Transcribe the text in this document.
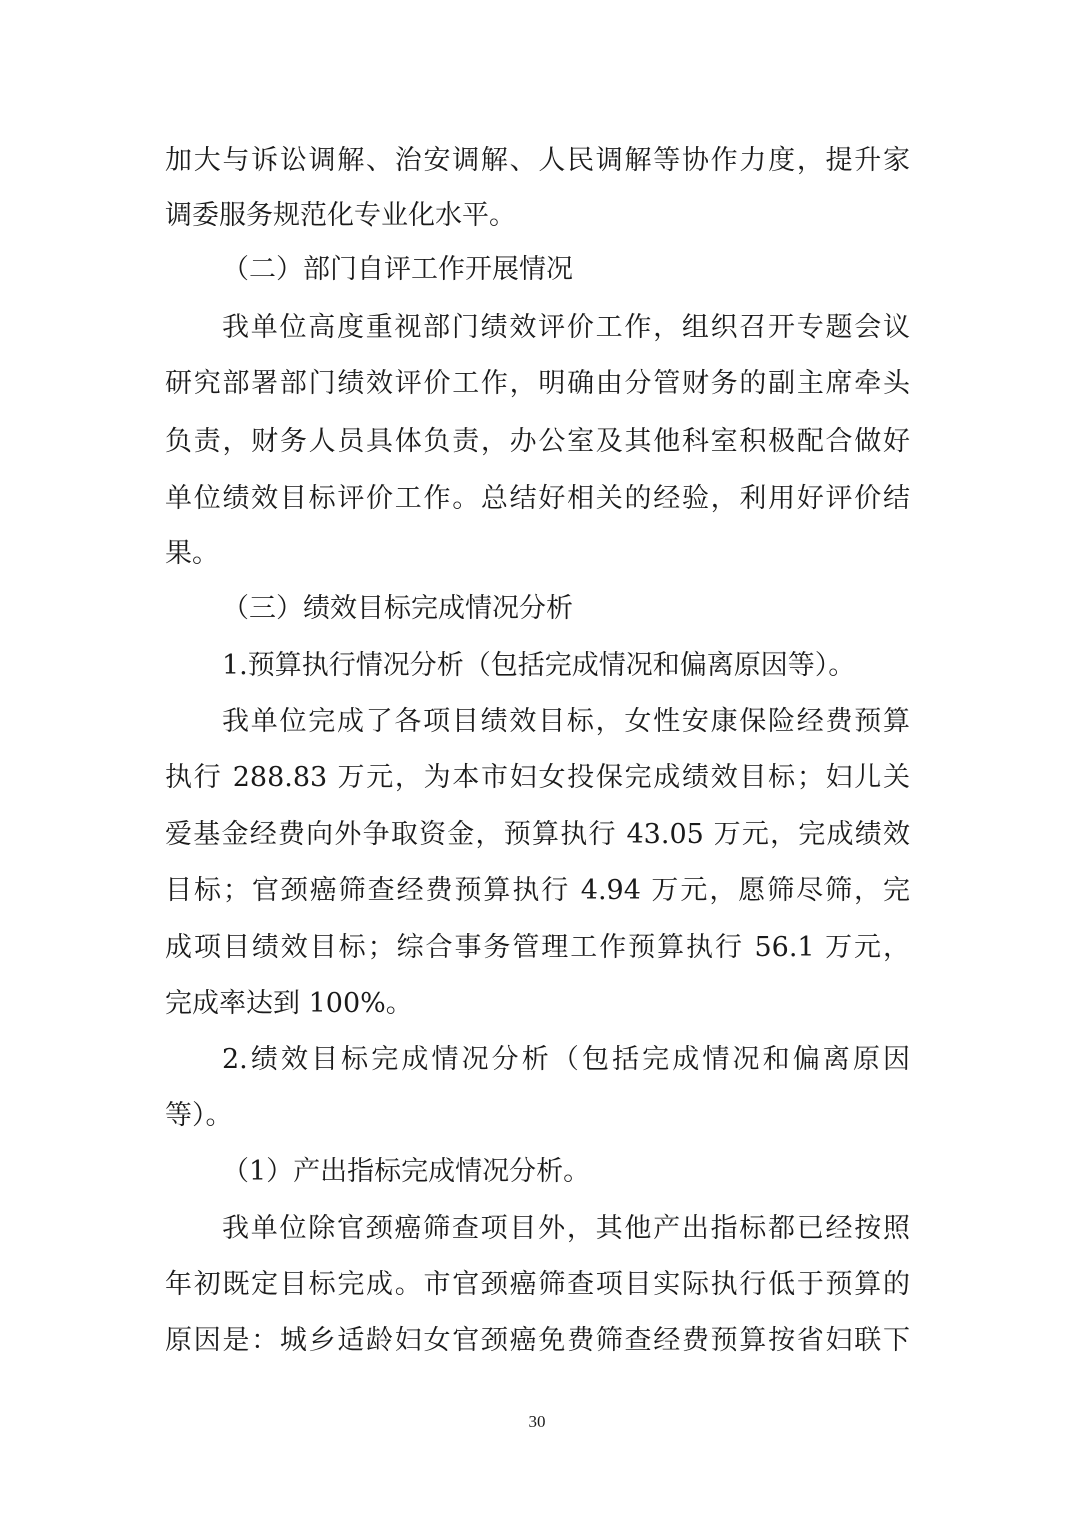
加大与诉讼调解、治安调解、人民调解等协作力度，提升家
调委服务规范化专业化水平。
（二）部门自评工作开展情况
我单位高度重视部门绩效评价工作，组织召开专题会议
研究部署部门绩效评价工作，明确由分管财务的副主席牵头
负责，财务人员具体负责，办公室及其他科室积极配合做好
单位绩效目标评价工作。总结好相关的经验，利用好评价结
果。
（三）绩效目标完成情况分析
1.预算执行情况分析（包括完成情况和偏离原因等）。
我单位完成了各项目绩效目标，女性安康保险经费预算
执行 288.83 万元，为本市妇女投保完成绩效目标；妇儿关
爱基金经费向外争取资金，预算执行 43.05 万元，完成绩效
目标；官颈癌筛查经费预算执行 4.94 万元，愿筛尽筛，完
成项目绩效目标；综合事务管理工作预算执行 56.1 万元，
完成率达到 100%。
2.绩效目标完成情况分析（包括完成情况和偏离原因
等）。
（1）产出指标完成情况分析。
我单位除官颈癌筛查项目外，其他产出指标都已经按照
年初既定目标完成。市官颈癌筛查项目实际执行低于预算的
原因是：城乡适龄妇女官颈癌免费筛查经费预算按省妇联下
30
